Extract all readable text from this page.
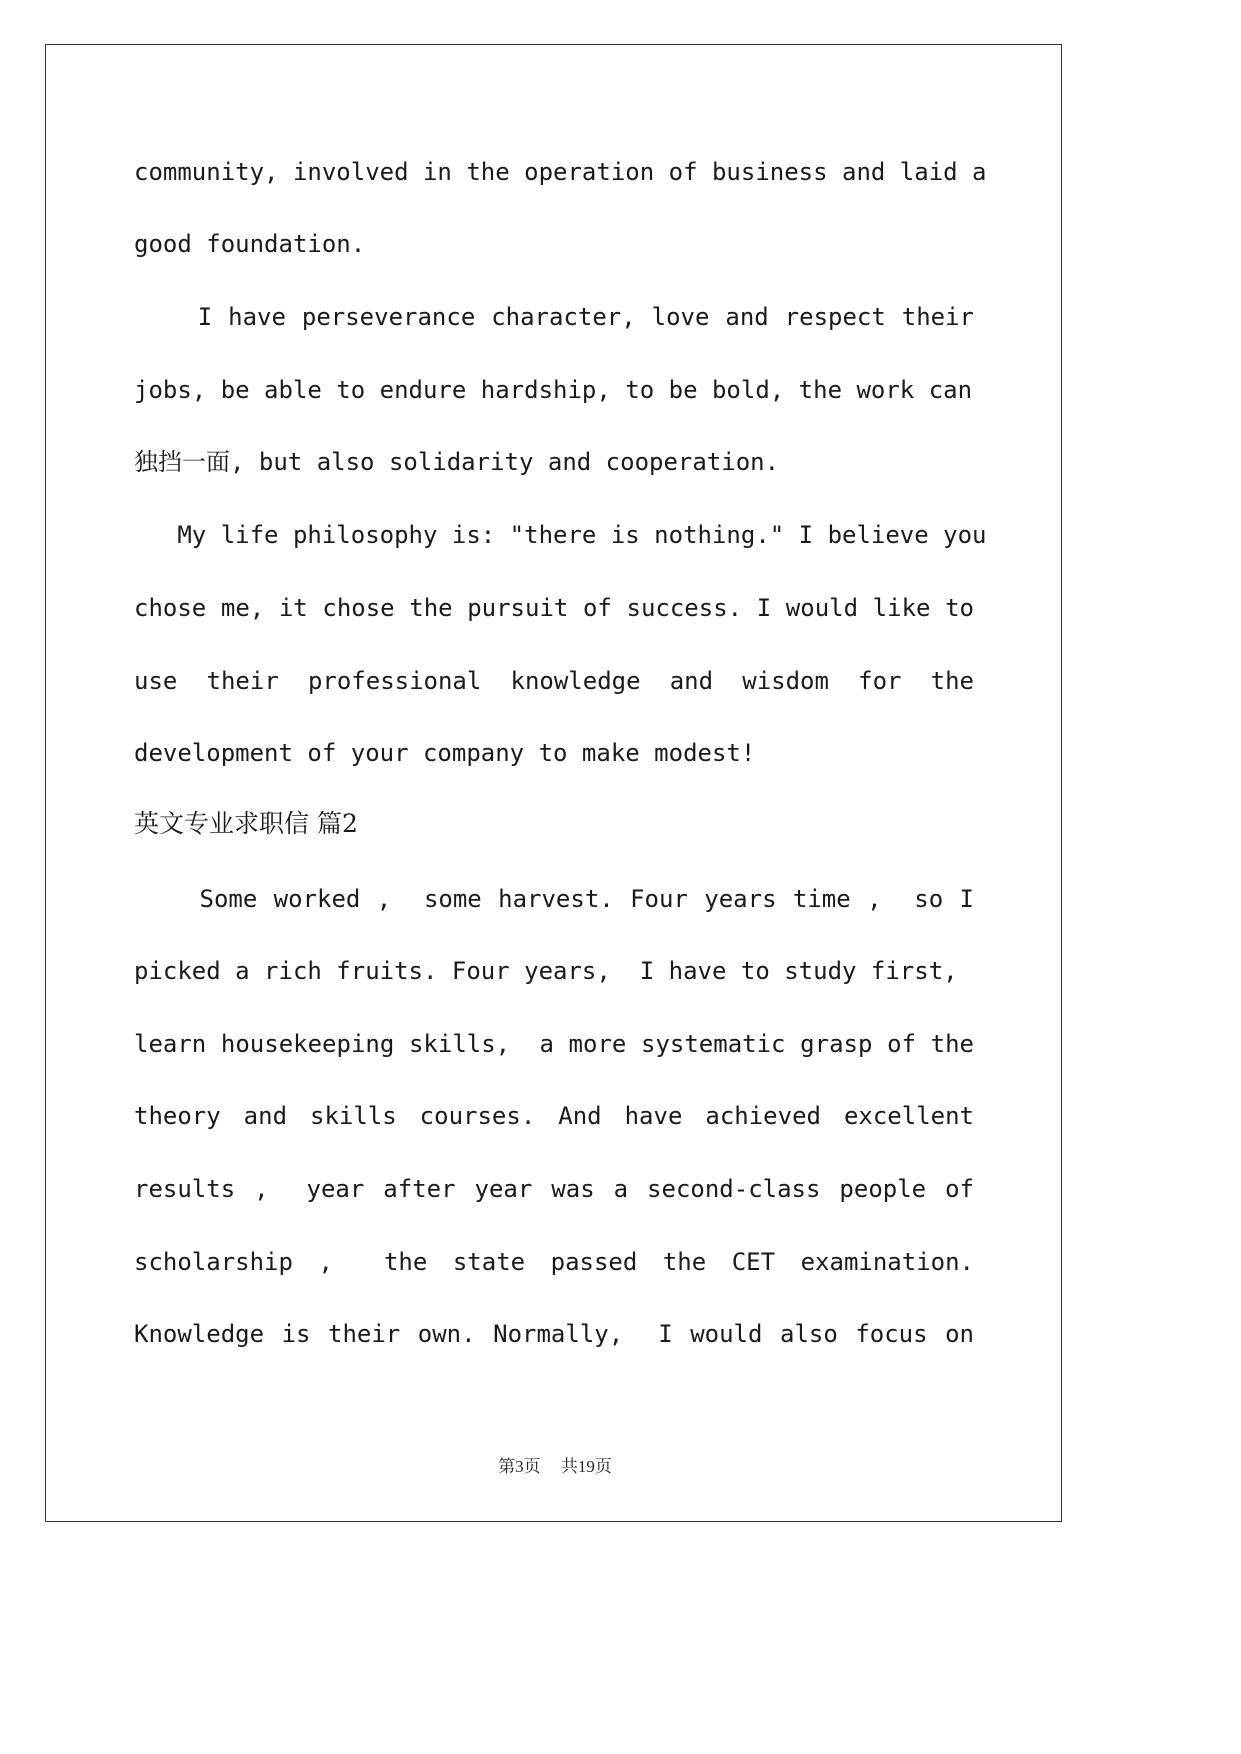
community, involved in the operation of business and laid a
good foundation.
I have perseverance character, love and respect their
jobs, be able to endure hardship, to be bold, the work can
独挡一面, but also solidarity and cooperation.
My life philosophy is: "there is nothing." I believe you
chose me, it chose the pursuit of success. I would like to
use their professional knowledge and wisdom for the
development of your company to make modest!
英文专业求职信 篇2
Some worked ,  some harvest. Four years time ,  so I
picked a rich fruits. Four years,  I have to study first,
learn housekeeping skills,  a more systematic grasp of the
theory and skills courses. And have achieved excellent
results ,  year after year was a second-class people of
scholarship ,  the state passed the CET examination.
Knowledge is their own. Normally,  I would also focus on
第3页 共19页
